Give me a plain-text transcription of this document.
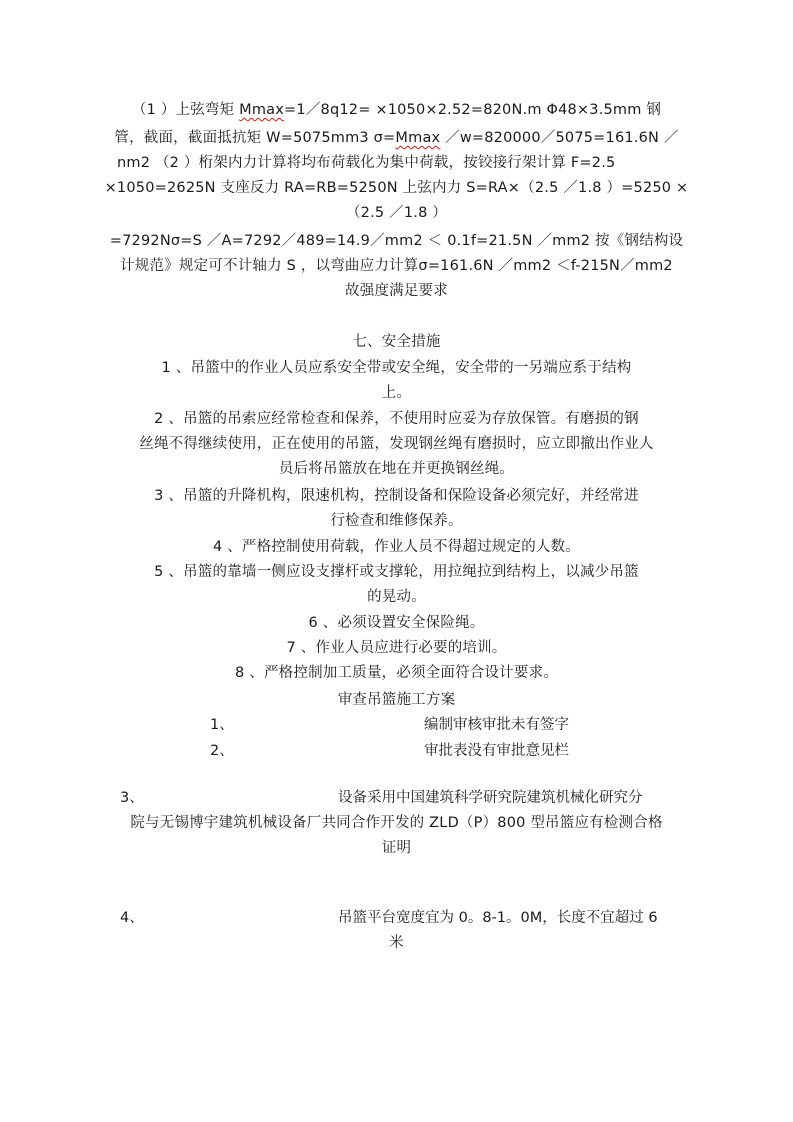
（1 ）上弦弯矩 Mmax=1／8q12= ×1050×2.52=820N.m Φ48×3.5mm 钢
管，截面，截面抵抗矩 W=5075mm3 σ=Mmax ／w=820000／5075=161.6N ／
nm2 （2 ）桁架内力计算将均布荷载化为集中荷载，按铰接行架计算 F=2.5
×1050=2625N 支座反力 RA=RB=5250N 上弦内力 S=RA×（2.5 ／1.8 ）=5250 ×
（2.5 ／1.8 ）
=7292Nσ=S ／A=7292／489=14.9／mm2 ＜ 0.1f=21.5N ／mm2 按《钢结构设
计规范》规定可不计轴力 S ，以弯曲应力计算σ=161.6N ／mm2 ＜f-215N／mm2
故强度满足要求
七、安全措施
1 、吊篮中的作业人员应系安全带或安全绳，安全带的一另端应系于结构
上。
2 、吊篮的吊索应经常检查和保养，不使用时应妥为存放保管。有磨损的钢
丝绳不得继续使用，正在使用的吊篮，发现钢丝绳有磨损时，应立即撤出作业人
员后将吊篮放在地在并更换钢丝绳。
3 、吊篮的升降机构，限速机构，控制设备和保险设备必须完好，并经常进
行检查和维修保养。
4 、严格控制使用荷载，作业人员不得超过规定的人数。
5 、吊篮的靠墙一侧应设支撑杆或支撑轮，用拉绳拉到结构上，以减少吊篮
的晃动。
6 、必须设置安全保险绳。
7 、作业人员应进行必要的培训。
8 、严格控制加工质量，必须全面符合设计要求。
审查吊篮施工方案
1、	编制审核审批未有签字
2、	审批表没有审批意见栏
3、	设备采用中国建筑科学研究院建筑机械化研究分
院与无锡博宇建筑机械设备厂共同合作开发的 ZLD（P）800 型吊篮应有检测合格
证明
4、	吊篮平台宽度宜为 0。8-1。0M，长度不宜超过 6
米
